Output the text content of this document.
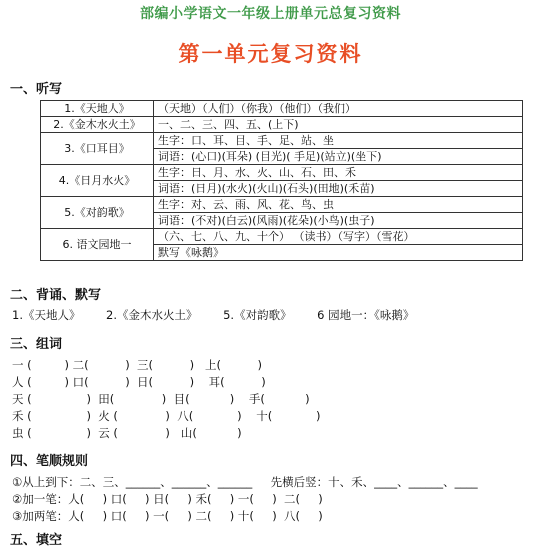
部编小学语文一年级上册单元总复习资料
第一单元复习资料
一、听写
1.《天地人》	（天地）（人们）（你我）（他们）（我们）
2.《金木水火土》	一、二、三、四、五、(上下)
3.《口耳目》	生字：口、耳、目、手、足、站、坐
	词语：(心口)(耳朵) (目光)( 手足)(站立)(坐下)
4.《日月水火》	生字：日、月、水、火、山、石、田、禾
	词语：(日月)(水火)(火山)(石头)(田地)(禾苗)
5.《对韵歌》	生字：对、云、雨、风、花、鸟、虫
	词语：(不对)(白云)(风雨)(花朵)(小鸟)(虫子)
6. 语文园地一	（六、七、八、九、十个） （读书）（写字）（雪花）
	默写《咏鹅》
二、背诵、默写
1.《天地人》       2.《金木水火土》       5.《对韵歌》       6 园地一：《咏鹅》
三、组词
一 (         ) 二(          )  三(          )   上(          )
人 (         ) 口(          )  日(          )    耳(          )
天 (               )  田(             )  目(           )    手(           )
禾 (               )  火 (             )  八(            )    十(            )
虫 (               )  云 (             )   山(           )
四、笔顺规则
①从上到下：二、三、______、______、______     先横后竖：十、禾、____、______、____
②加一笔：人(     ) 口(     ) 日(     ) 禾(     ) 一(     )  二(     )
③加两笔：人(     ) 口(     ) 一(     ) 二(     ) 十(     )  八(     )
五、填空
